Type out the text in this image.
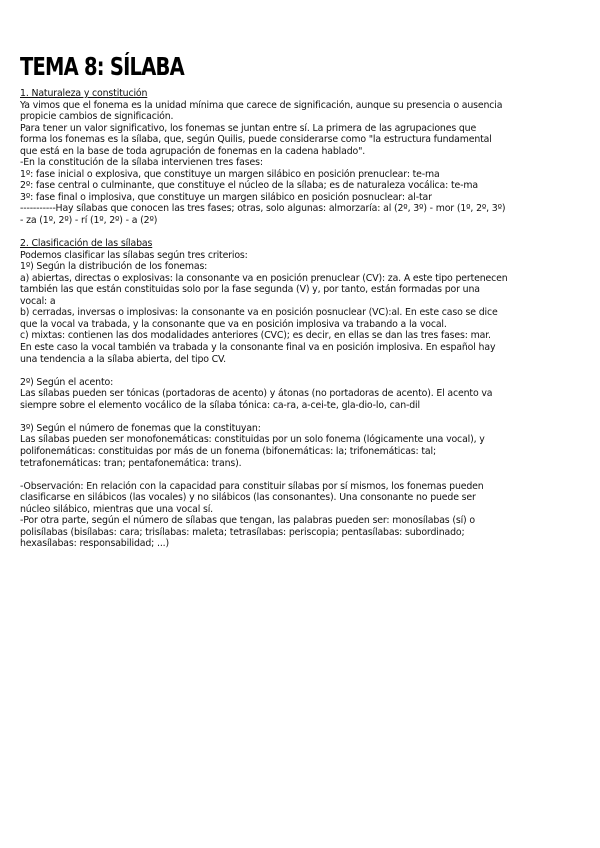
TEMA 8: SÍLABA
1. Naturaleza y constitución
Ya vimos que el fonema es la unidad mínima que carece de significación, aunque su presencia o ausencia
propicie cambios de significación.
Para tener un valor significativo, los fonemas se juntan entre sí. La primera de las agrupaciones que
forma los fonemas es la sílaba, que, según Quilis, puede considerarse como "la estructura fundamental
que está en la base de toda agrupación de fonemas en la cadena hablado".
-En la constitución de la sílaba intervienen tres fases:
1º: fase inicial o explosiva, que constituye un margen silábico en posición prenuclear: te-ma
2º: fase central o culminante, que constituye el núcleo de la sílaba; es de naturaleza vocálica: te-ma
3º: fase final o implosiva, que constituye un margen silábico en posición posnuclear: al-tar
-----------Hay sílabas que conocen las tres fases; otras, solo algunas: almorzaría: al (2º, 3º) - mor (1º, 2º, 3º)
- za (1º, 2º) - rí (1º, 2º) - a (2º)
2. Clasificación de las sílabas
Podemos clasificar las sílabas según tres criterios:
1º) Según la distribución de los fonemas:
a) abiertas, directas o explosivas: la consonante va en posición prenuclear (CV): za. A este tipo pertenecen
también las que están constituidas solo por la fase segunda (V) y, por tanto, están formadas por una
vocal: a
b) cerradas, inversas o implosivas: la consonante va en posición posnuclear (VC):al. En este caso se dice
que la vocal va trabada, y la consonante que va en posición implosiva va trabando a la vocal.
c) mixtas: contienen las dos modalidades anteriores (CVC); es decir, en ellas se dan las tres fases: mar.
En este caso la vocal también va trabada y la consonante final va en posición implosiva. En español hay
una tendencia a la sílaba abierta, del tipo CV.
2º) Según el acento:
Las sílabas pueden ser tónicas (portadoras de acento) y átonas (no portadoras de acento). El acento va
siempre sobre el elemento vocálico de la sílaba tónica: ca-ra, a-cei-te, gla-dio-lo, can-dil
3º) Según el número de fonemas que la constituyan:
Las sílabas pueden ser monofonemáticas: constituidas por un solo fonema (lógicamente una vocal), y
polifonemáticas: constituidas por más de un fonema (bifonemáticas: la; trifonemáticas: tal;
tetrafonemáticas: tran; pentafonemática: trans).
-Observación: En relación con la capacidad para constituir sílabas por sí mismos, los fonemas pueden
clasificarse en silábicos (las vocales) y no silábicos (las consonantes). Una consonante no puede ser
núcleo silábico, mientras que una vocal sí.
-Por otra parte, según el número de sílabas que tengan, las palabras pueden ser: monosílabas (sí) o
polisílabas (bisílabas: cara; trisílabas: maleta; tetrasílabas: periscopia; pentasílabas: subordinado;
hexasílabas: responsabilidad; ...)
